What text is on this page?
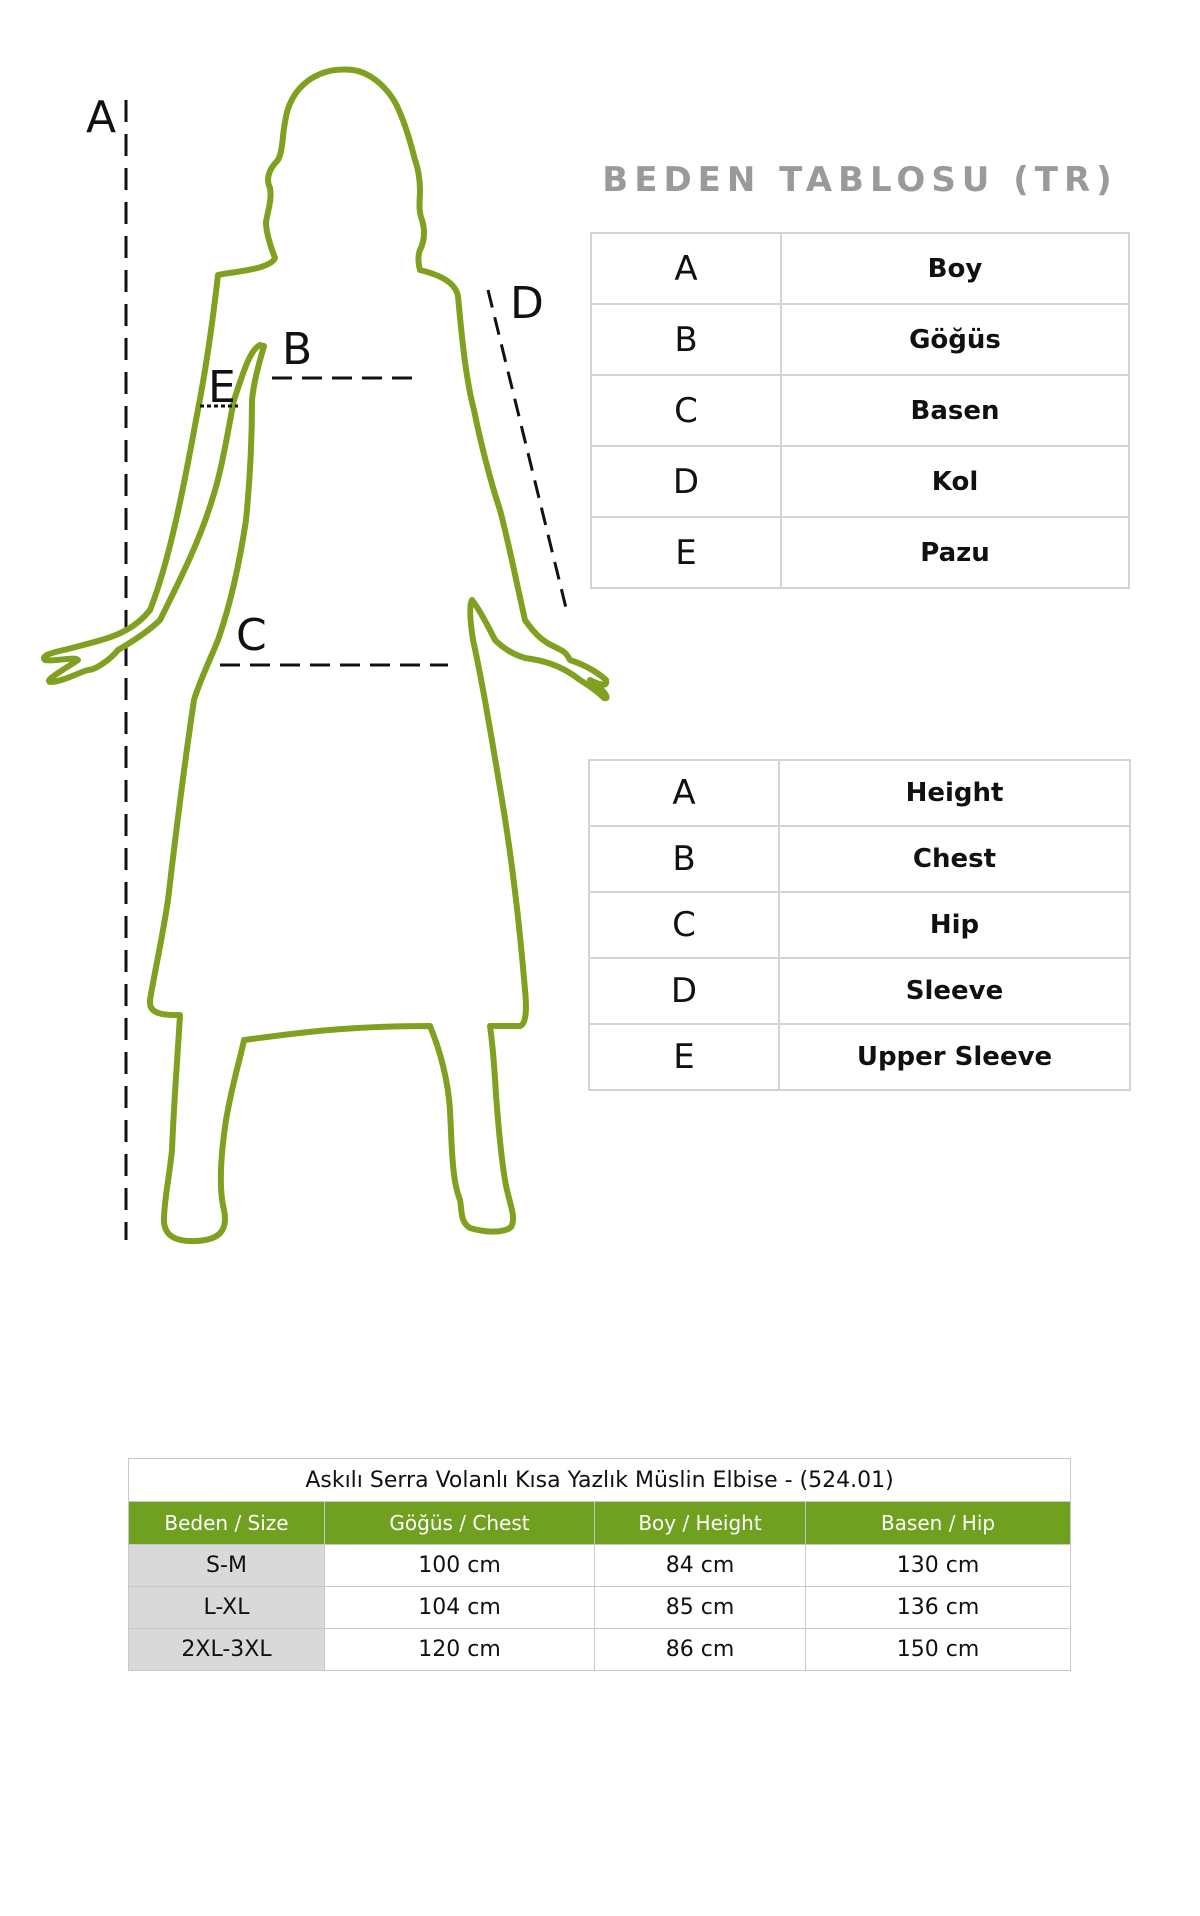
A
B
C
D
E
BEDEN TABLOSU (TR)
A	Boy
B	Göğüs
C	Basen
D	Kol
E	Pazu
A	Height
B	Chest
C	Hip
D	Sleeve
E	Upper Sleeve
Askılı Serra Volanlı Kısa Yazlık Müslin Elbise - (524.01)			
Beden / Size	Göğüs / Chest	Boy / Height	Basen / Hip
S-M	100 cm	84 cm	130 cm
L-XL	104 cm	85 cm	136 cm
2XL-3XL	120 cm	86 cm	150 cm
